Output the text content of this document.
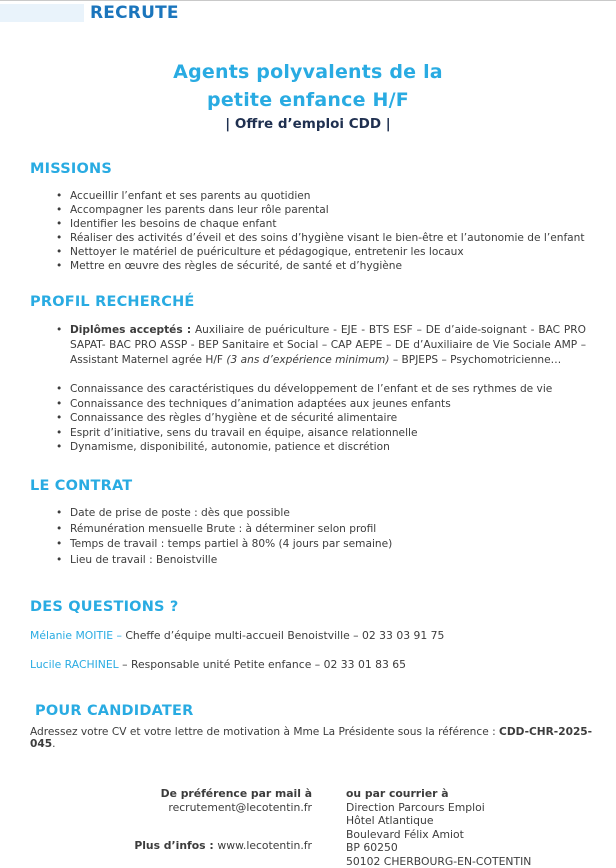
RECRUTE
Agents polyvalents de la
petite enfance H/F
| Offre d’emploi CDD |
MISSIONS
• Accueillir l’enfant et ses parents au quotidien
• Accompagner les parents dans leur rôle parental
• Identifier les besoins de chaque enfant
• Réaliser des activités d’éveil et des soins d’hygiène visant le bien-être et l’autonomie de l’enfant
• Nettoyer le matériel de puériculture et pédagogique, entretenir les locaux
• Mettre en œuvre des règles de sécurité, de santé et d’hygiène
PROFIL RECHERCHÉ
• Diplômes acceptés : Auxiliaire de puériculture - EJE - BTS ESF – DE d’aide-soignant - BAC PRO SAPAT- BAC PRO ASSP - BEP Sanitaire et Social – CAP AEPE – DE d’Auxiliaire de Vie Sociale AMP – Assistant Maternel agrée H/F (3 ans d’expérience minimum) – BPJEPS – Psychomotricienne…
• Connaissance des caractéristiques du développement de l’enfant et de ses rythmes de vie
• Connaissance des techniques d’animation adaptées aux jeunes enfants
• Connaissance des règles d’hygiène et de sécurité alimentaire
• Esprit d’initiative, sens du travail en équipe, aisance relationnelle
• Dynamisme, disponibilité, autonomie, patience et discrétion
LE CONTRAT
• Date de prise de poste : dès que possible
• Rémunération mensuelle Brute : à déterminer selon profil
• Temps de travail : temps partiel à 80% (4 jours par semaine)
• Lieu de travail : Benoistville
DES QUESTIONS ?
Mélanie MOITIE – Cheffe d’équipe multi-accueil Benoistville – 02 33 03 91 75
Lucile RACHINEL – Responsable unité Petite enfance – 02 33 01 83 65
POUR CANDIDATER
Adressez votre CV et votre lettre de motivation à Mme La Présidente sous la référence : CDD-CHR-2025-045.
De préférence par mail à
recrutement@lecotentin.fr
Plus d’infos : www.lecotentin.fr
ou par courrier à
Direction Parcours Emploi
Hôtel Atlantique
Boulevard Félix Amiot
BP 60250
50102 CHERBOURG-EN-COTENTIN
